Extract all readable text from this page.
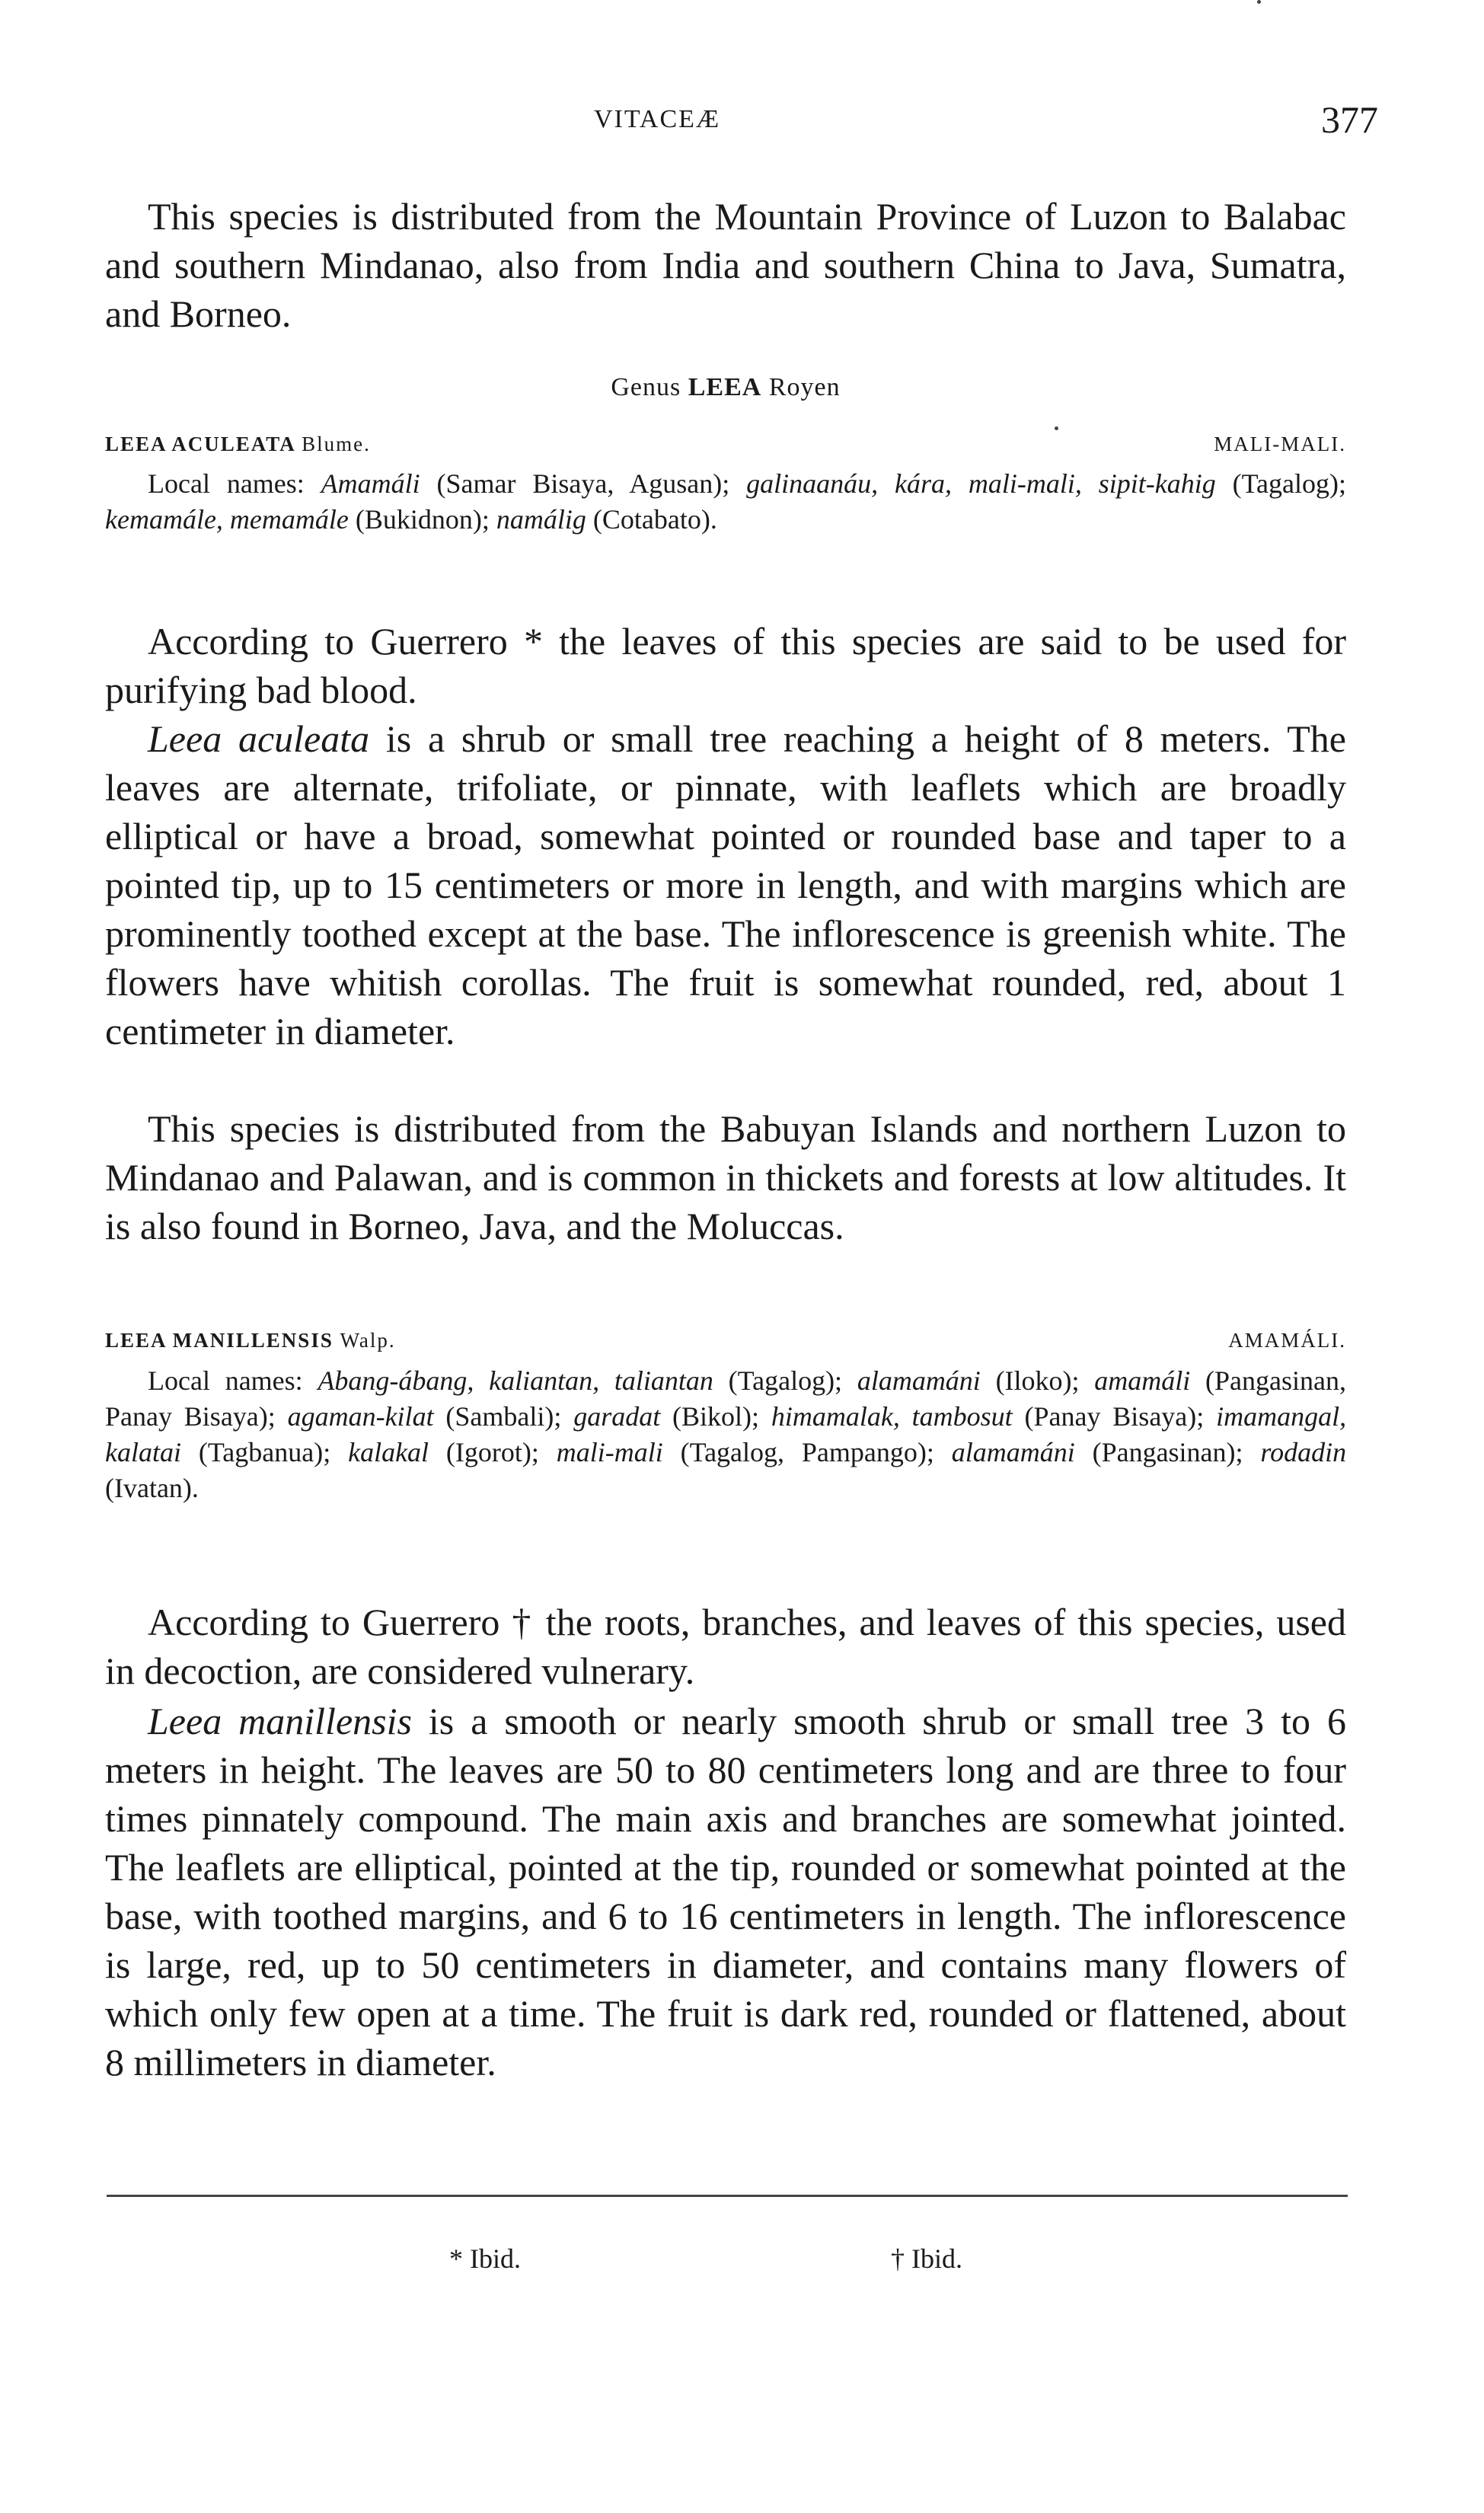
VITACEÆ	377

This species is distributed from the Mountain Province of Luzon to Balabac and southern Mindanao, also from India and southern China to Java, Sumatra, and Borneo.

Genus LEEA Royen
LEEA ACULEATA Blume.	MALI-MALI.

Local names: Amamáli (Samar Bisaya, Agusan); galinaanáu, kára, mali-mali, sipit-kahig (Tagalog); kemamále, memamále (Bukidnon); namálig (Cotabato).

According to Guerrero * the leaves of this species are said to be used for purifying bad blood.

Leea aculeata is a shrub or small tree reaching a height of 8 meters. The leaves are alternate, trifoliate, or pinnate, with leaflets which are broadly elliptical or have a broad, somewhat pointed or rounded base and taper to a pointed tip, up to 15 centimeters or more in length, and with margins which are prominently toothed except at the base. The inflorescence is greenish white. The flowers have whitish corollas. The fruit is somewhat rounded, red, about 1 centimeter in diameter.

This species is distributed from the Babuyan Islands and northern Luzon to Mindanao and Palawan, and is common in thickets and forests at low altitudes. It is also found in Borneo, Java, and the Moluccas.

LEEA MANILLENSIS Walp.	AMAMÁLI.

Local names: Abang-ábang, kaliantan, taliantan (Tagalog); alamamáni (Iloko); amamáli (Pangasinan, Panay Bisaya); agaman-kilat (Sambali); garadat (Bikol); himamalak, tambosut (Panay Bisaya); imamangal, kalatai (Tagbanua); kalakal (Igorot); mali-mali (Tagalog, Pampango); alamamáni (Pangasinan); rodadin (Ivatan).

According to Guerrero † the roots, branches, and leaves of this species, used in decoction, are considered vulnerary.

Leea manillensis is a smooth or nearly smooth shrub or small tree 3 to 6 meters in height. The leaves are 50 to 80 centimeters long and are three to four times pinnately compound. The main axis and branches are somewhat jointed. The leaflets are elliptical, pointed at the tip, rounded or somewhat pointed at the base, with toothed margins, and 6 to 16 centimeters in length. The inflorescence is large, red, up to 50 centimeters in diameter, and contains many flowers of which only few open at a time. The fruit is dark red, rounded or flattened, about 8 millimeters in diameter.

* Ibid.	† Ibid.
